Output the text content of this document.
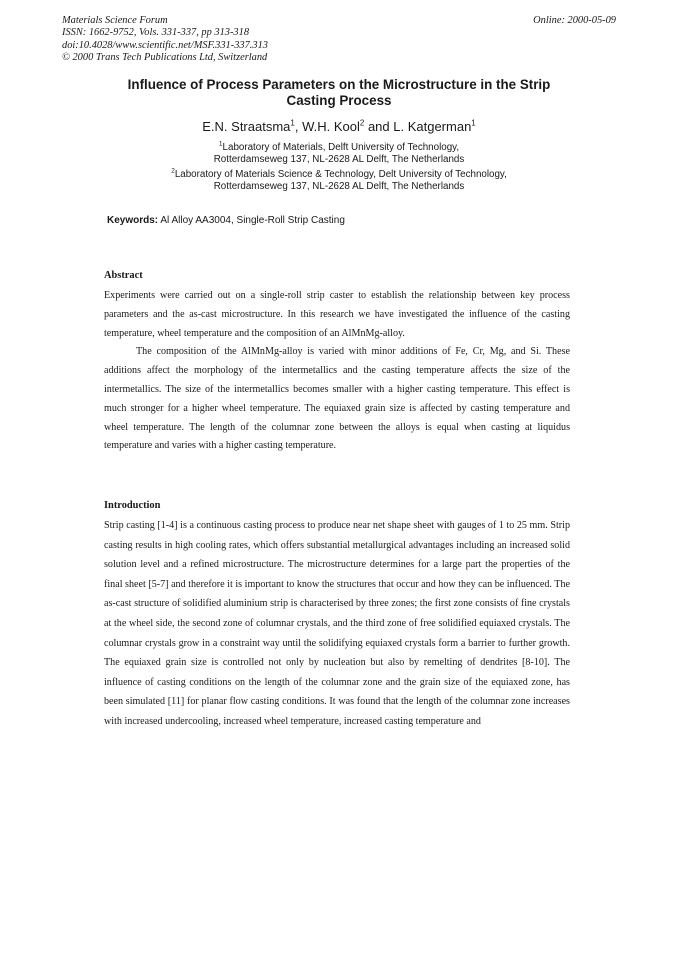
Materials Science Forum
ISSN: 1662-9752, Vols. 331-337, pp 313-318
doi:10.4028/www.scientific.net/MSF.331-337.313
© 2000 Trans Tech Publications Ltd, Switzerland
Online: 2000-05-09
Influence of Process Parameters on the Microstructure in the Strip
Casting Process
E.N. Straatsma$^1$, W.H. Kool$^2$ and L. Katgerman$^1$
$^1$Laboratory of Materials, Delft University of Technology,
Rotterdamseweg 137, NL-2628 AL Delft, The Netherlands
$^2$Laboratory of Materials Science & Technology, Delt University of Technology,
Rotterdamseweg 137, NL-2628 AL Delft, The Netherlands
Keywords: Al Alloy AA3004, Single-Roll Strip Casting
Abstract

Experiments were carried out on a single-roll strip caster to establish the relationship between key process parameters and the as-cast microstructure. In this research we have investigated the influence of the casting temperature, wheel temperature and the composition of an AlMnMg-alloy.

The composition of the AlMnMg-alloy is varied with minor additions of Fe, Cr, Mg, and Si. These additions affect the morphology of the intermetallics and the casting temperature affects the size of the intermetallics. The size of the intermetallics becomes smaller with a higher casting temperature. This effect is much stronger for a higher wheel temperature. The equiaxed grain size is affected by casting temperature and wheel temperature. The length of the columnar zone between the alloys is equal when casting at liquidus temperature and varies with a higher casting temperature.

Introduction

Strip casting [1-4] is a continuous casting process to produce near net shape sheet with gauges of 1 to 25 mm. Strip casting results in high cooling rates, which offers substantial metallurgical advantages including an increased solid solution level and a refined microstructure. The microstructure determines for a large part the properties of the final sheet [5-7] and therefore it is important to know the structures that occur and how they can be influenced. The as-cast structure of solidified aluminium strip is characterised by three zones; the first zone consists of fine crystals at the wheel side, the second zone of columnar crystals, and the third zone of free solidified equiaxed crystals. The columnar crystals grow in a constraint way until the solidifying equiaxed crystals form a barrier to further growth. The equiaxed grain size is controlled not only by nucleation but also by remelting of dendrites [8-10]. The influence of casting conditions on the length of the columnar zone and the grain size of the equiaxed zone, has been simulated [11] for planar flow casting conditions. It was found that the length of the columnar zone increases with increased undercooling, increased wheel temperature, increased casting temperature and
